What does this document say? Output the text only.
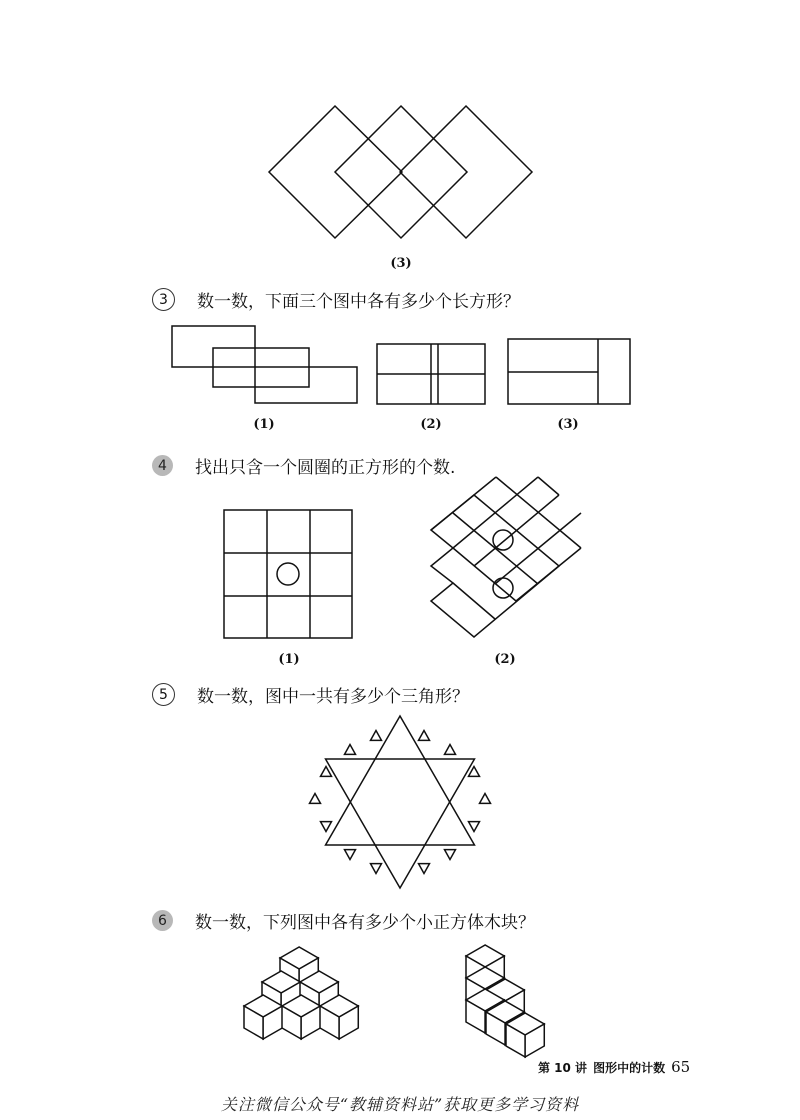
(3)
3	数一数，下面三个图中各有多少个长方形？
(1)	(2)	(3)
4	找出只含一个圆圈的正方形的个数.
(1)	(2)
5	数一数，图中一共有多少个三角形？
6	数一数，下列图中各有多少个小正方体木块？
第 10 讲 图形中的计数 65
关注微信公众号“教辅资料站”获取更多学习资料
